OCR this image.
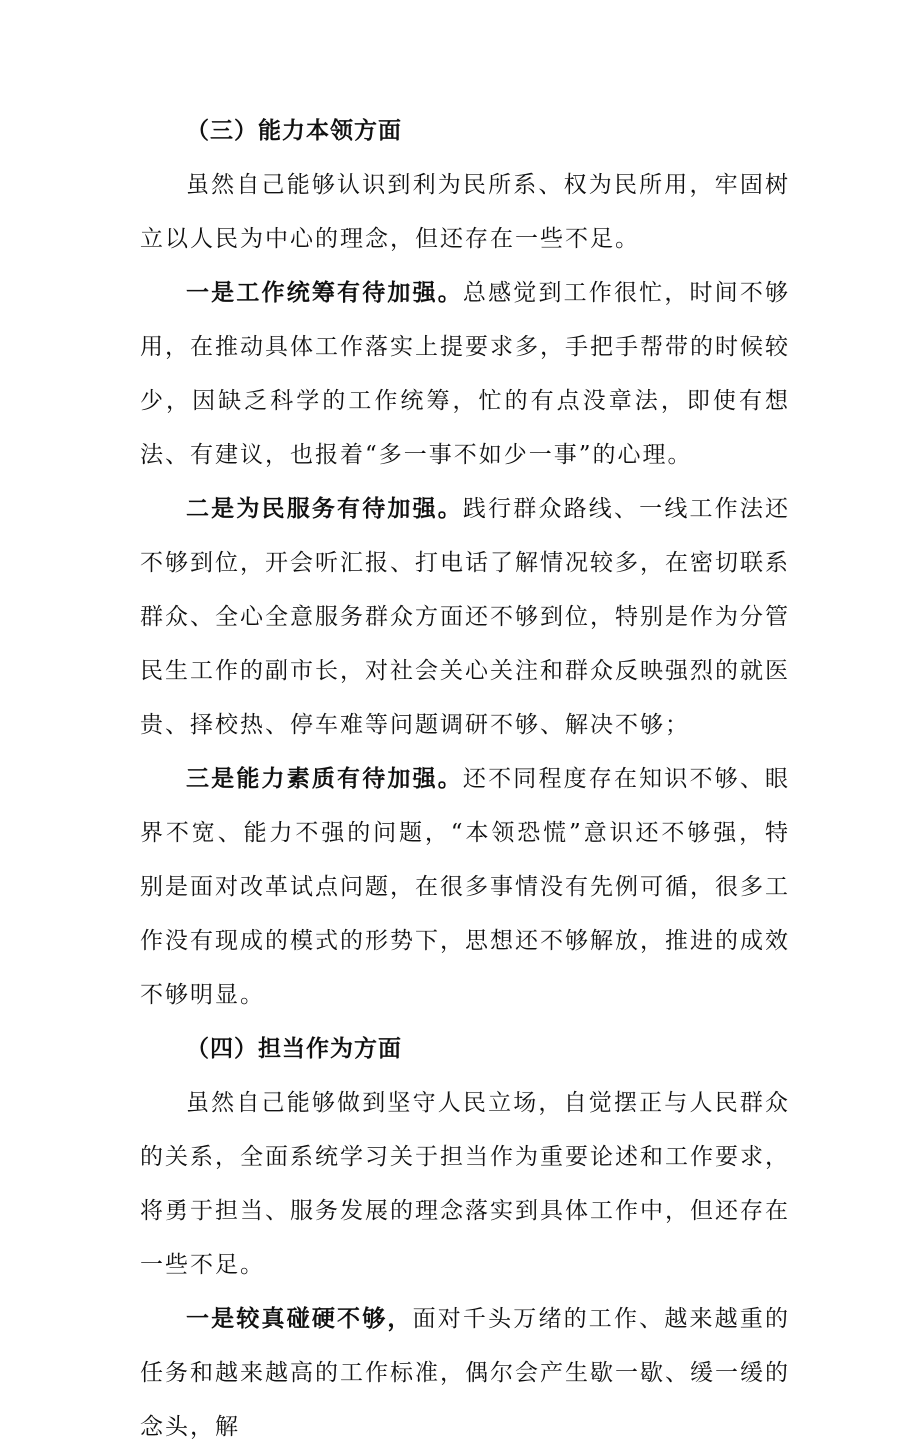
（三）能力本领方面

虽然自己能够认识到利为民所系、权为民所用，牢固树立以人民为中心的理念，但还存在一些不足。

一是工作统筹有待加强。总感觉到工作很忙，时间不够用，在推动具体工作落实上提要求多，手把手帮带的时候较少，因缺乏科学的工作统筹，忙的有点没章法，即使有想法、有建议，也报着“多一事不如少一事”的心理。

二是为民服务有待加强。践行群众路线、一线工作法还不够到位，开会听汇报、打电话了解情况较多，在密切联系群众、全心全意服务群众方面还不够到位，特别是作为分管民生工作的副市长，对社会关心关注和群众反映强烈的就医贵、择校热、停车难等问题调研不够、解决不够；

三是能力素质有待加强。还不同程度存在知识不够、眼界不宽、能力不强的问题，“本领恐慌”意识还不够强，特别是面对改革试点问题，在很多事情没有先例可循，很多工作没有现成的模式的形势下，思想还不够解放，推进的成效不够明显。

（四）担当作为方面

虽然自己能够做到坚守人民立场，自觉摆正与人民群众的关系，全面系统学习关于担当作为重要论述和工作要求，将勇于担当、服务发展的理念落实到具体工作中，但还存在一些不足。

一是较真碰硬不够，面对千头万绪的工作、越来越重的任务和越来越高的工作标准，偶尔会产生歇一歇、缓一缓的念头，解
